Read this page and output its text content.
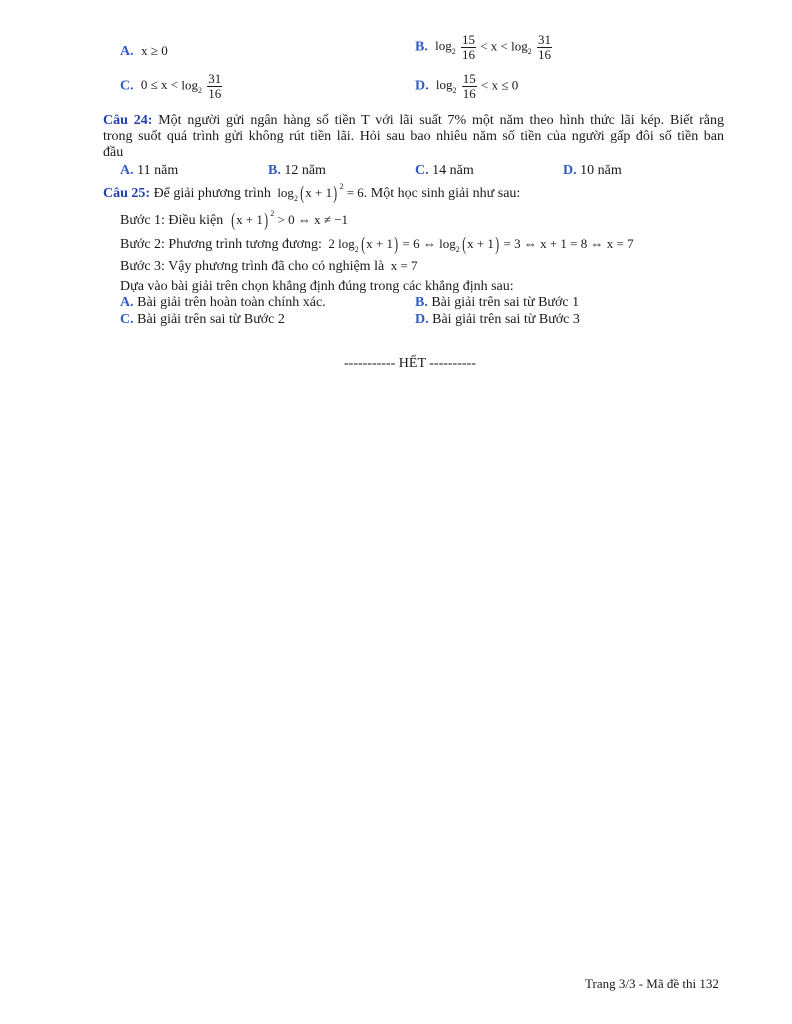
A. x ≥ 0	B. $\log_2 \frac{15}{16} < x < \log_2 \frac{31}{16}$
C. $0 \le x < \log_2 \frac{31}{16}$	D. $\log_2 \frac{15}{16} < x \le 0$
Câu 24: Một người gửi ngân hàng số tiền T với lãi suất 7% một năm theo hình thức lãi kép. Biết rằng
trong suốt quá trình gửi không rút tiền lãi. Hỏi sau bao nhiêu năm số tiền của người gấp đôi số tiền ban
đầu
A. 11 năm	B. 12 năm	C. 14 năm	D. 10 năm
Câu 25: Để giải phương trình $\log_2 (x + 1) ^2 = 6$. Một học sinh giải như sau:
Bước 1: Điều kiện (x + 1) $^2$ > 0 ⇔ x ≠ −1
Bước 2: Phương trình tương đương: 2 $\log_2 (x + 1) = 6$ ⇔ $\log_2 (x + 1) = 3$ ⇔ x + 1 = 8 ⇔ x = 7
Bước 3: Vậy phương trình đã cho có nghiệm là x = 7
Dựa vào bài giải trên chọn khẳng định đúng trong các khẳng định sau:
A. Bài giải trên hoàn toàn chính xác.	B. Bài giải trên sai từ Bước 1
C. Bài giải trên sai từ Bước 2	D. Bài giải trên sai từ Bước 3
----------- HẾT ----------
Trang 3/3 - Mã đề thi 132
